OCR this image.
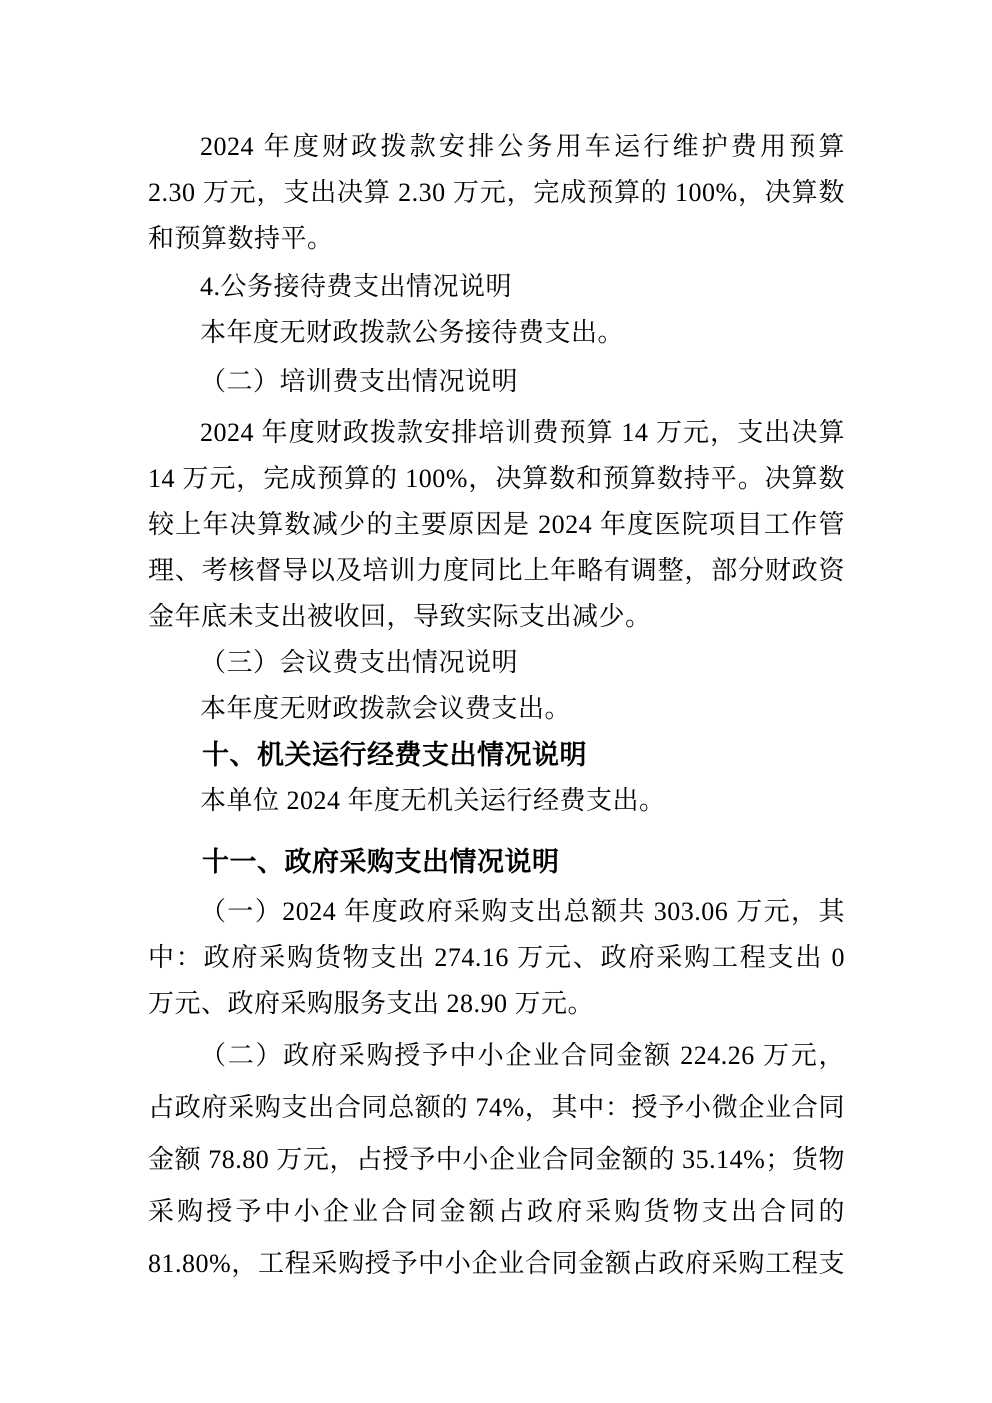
2024 年度财政拨款安排公务用车运行维护费用预算
2.30 万元，支出决算 2.30 万元，完成预算的 100%，决算数
和预算数持平。
4.公务接待费支出情况说明
本年度无财政拨款公务接待费支出。
（二）培训费支出情况说明
2024 年度财政拨款安排培训费预算 14 万元，支出决算
14 万元，完成预算的 100%，决算数和预算数持平。决算数
较上年决算数减少的主要原因是 2024 年度医院项目工作管
理、考核督导以及培训力度同比上年略有调整，部分财政资
金年底未支出被收回，导致实际支出减少。
（三）会议费支出情况说明
本年度无财政拨款会议费支出。
十、机关运行经费支出情况说明
本单位 2024 年度无机关运行经费支出。
十一、政府采购支出情况说明
（一）2024 年度政府采购支出总额共 303.06 万元，其
中：政府采购货物支出 274.16 万元、政府采购工程支出 0
万元、政府采购服务支出 28.90 万元。
（二）政府采购授予中小企业合同金额 224.26 万元，
占政府采购支出合同总额的 74%，其中：授予小微企业合同
金额 78.80 万元，占授予中小企业合同金额的 35.14%；货物
采购授予中小企业合同金额占政府采购货物支出合同的
81.80%，工程采购授予中小企业合同金额占政府采购工程支
